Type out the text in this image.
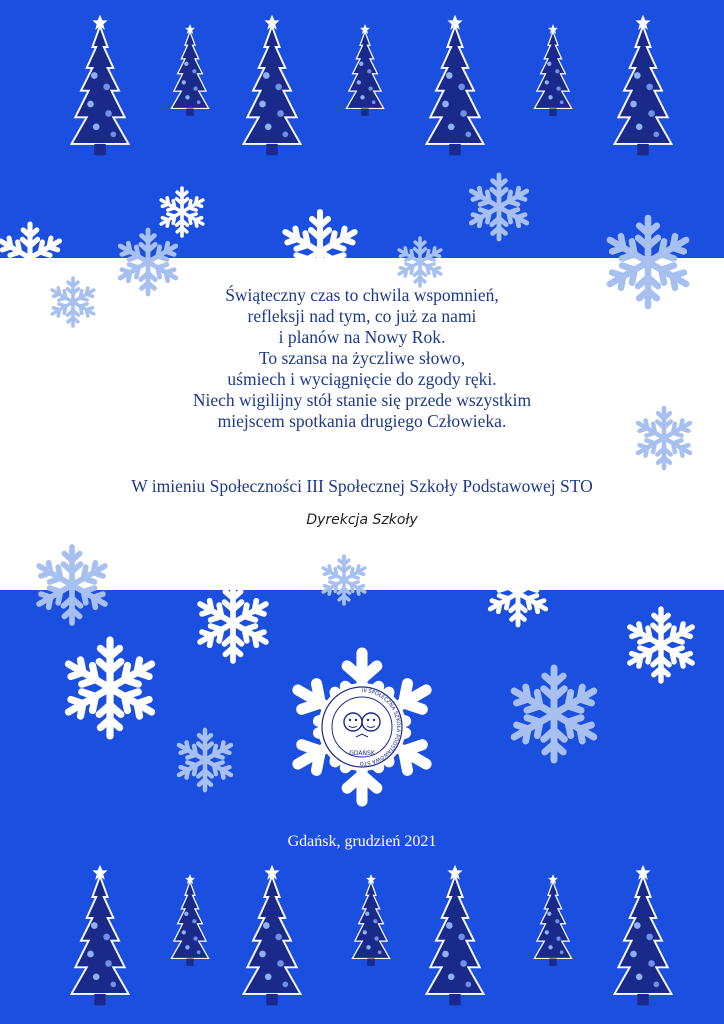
III SPOŁECZNA SZKOŁA PODSTAWOWA STO
GDAŃSK
Świąteczny czas to chwila wspomnień,
refleksji nad tym, co już za nami
i planów na Nowy Rok.
To szansa na życzliwe słowo,
uśmiech i wyciągnięcie do zgody ręki.
Niech wigilijny stół stanie się przede wszystkim
miejscem spotkania drugiego Człowieka.
W imieniu Społeczności III Społecznej Szkoły Podstawowej STO
Dyrekcja Szkoły
Gdańsk, grudzień 2021
